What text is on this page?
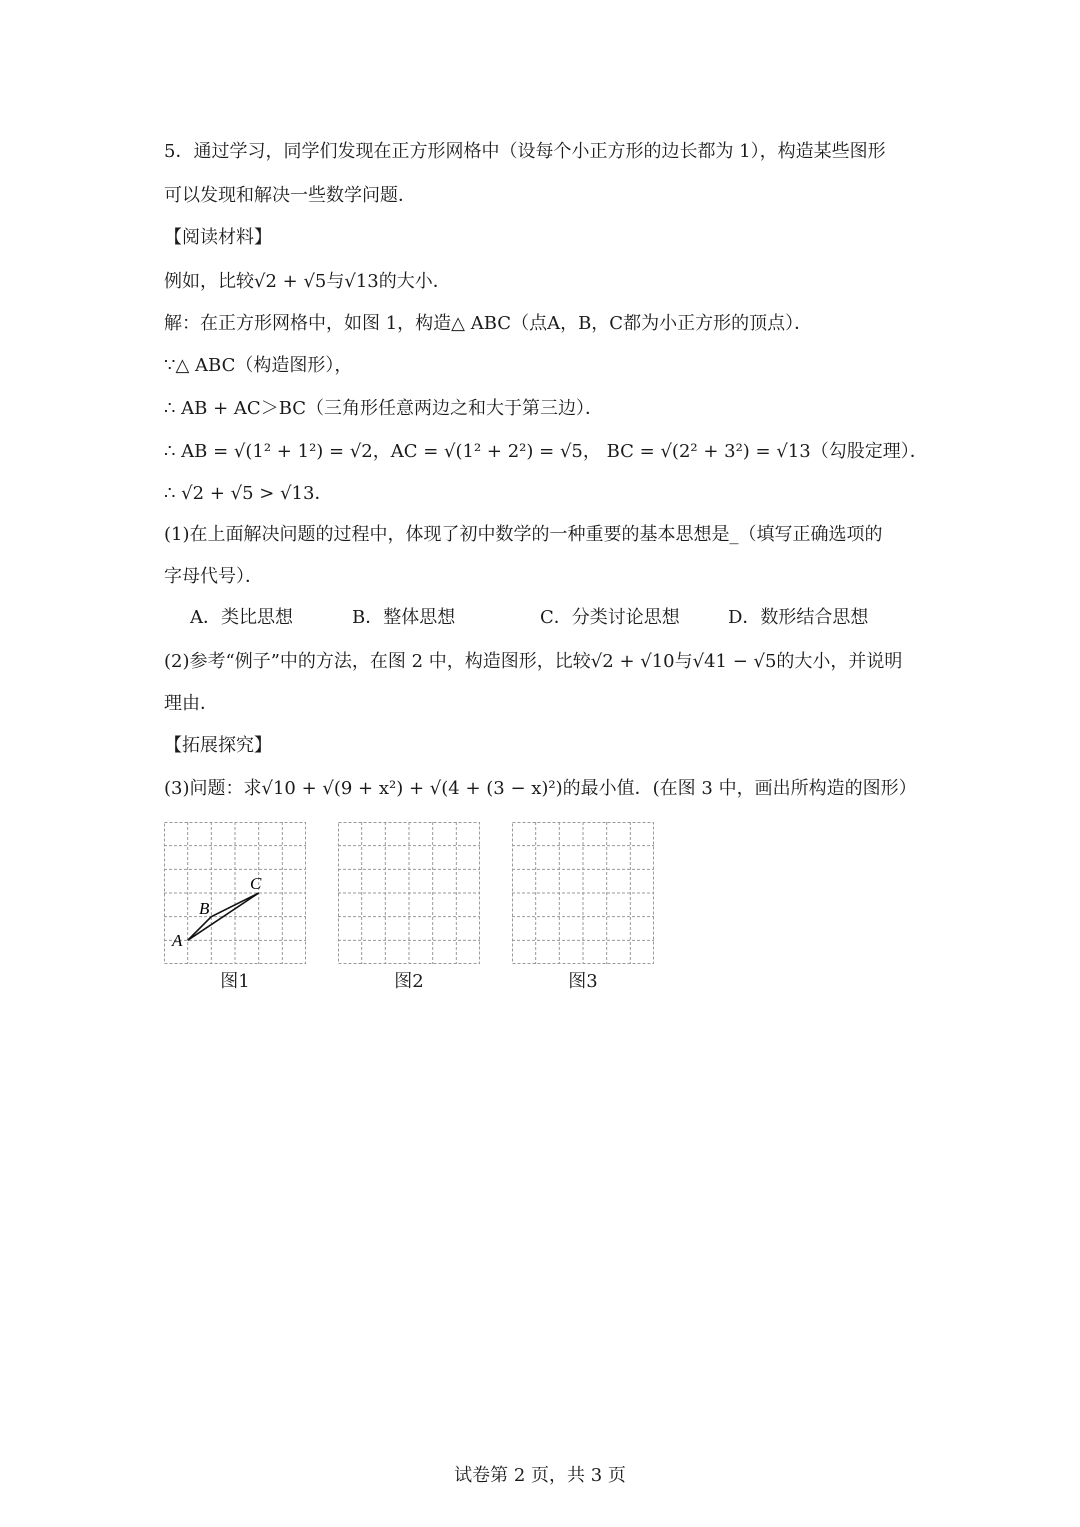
5．通过学习，同学们发现在正方形网格中（设每个小正方形的边长都为 1），构造某些图形
可以发现和解决一些数学问题．
【阅读材料】
例如，比较√2 + √5与√13的大小．
解：在正方形网格中，如图 1，构造△ ABC（点A，B，C都为小正方形的顶点）．
∵△ ABC（构造图形），
∴ AB + AC＞BC（三角形任意两边之和大于第三边）．
∴ AB = √(1² + 1²) = √2，AC = √(1² + 2²) = √5， BC = √(2² + 3²) = √13（勾股定理）．
∴ √2 + √5 > √13．
(1)在上面解决问题的过程中，体现了初中数学的一种重要的基本思想是_（填写正确选项的
字母代号）．
A．类比思想	B．整体思想	C．分类讨论思想	D．数形结合思想
(2)参考“例子”中的方法，在图 2 中，构造图形，比较√2 + √10与√41 − √5的大小，并说明
理由．
【拓展探究】
(3)问题：求√10 + √(9 + x²) + √(4 + (3 − x)²)的最小值．(在图 3 中，画出所构造的图形）
A
B
C
图1	图2	图3
试卷第 2 页，共 3 页
